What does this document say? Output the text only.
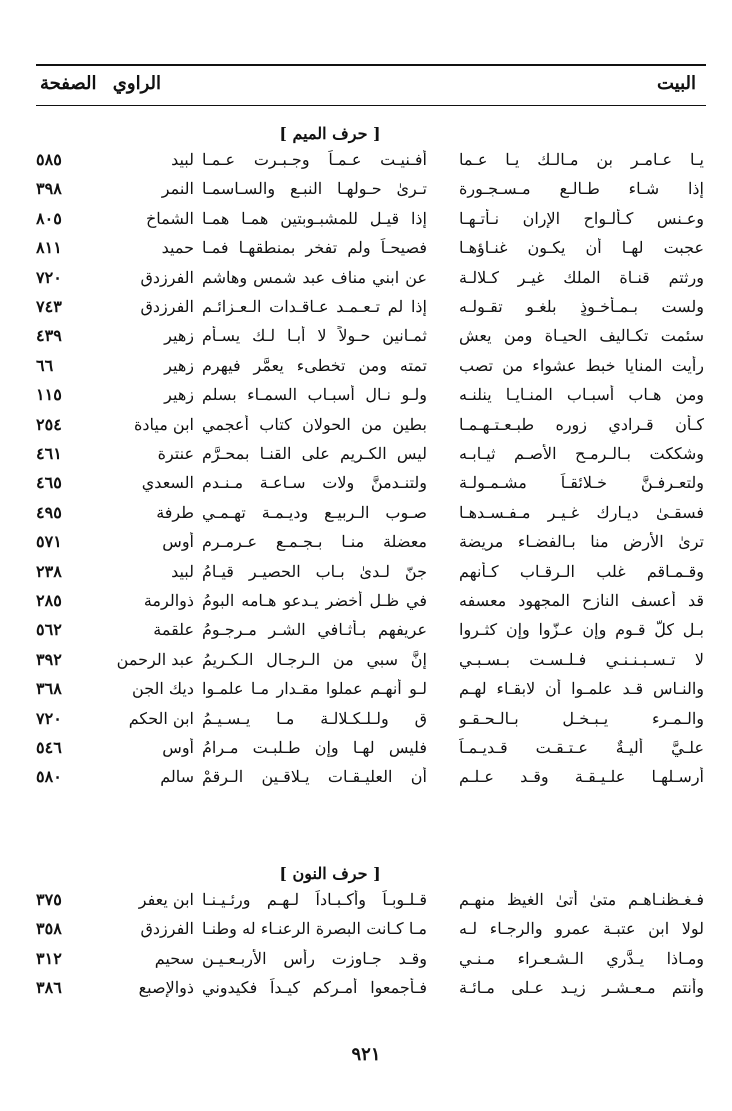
البيت
الراوي
الصفحة
[ حرف الميم ]
يـا عـامـر بن مـالـك يـا عـما
أفـنيـت عـمـاً وجـبـرت عـمـا
لبيد
٥٨٥
إذا شـاء طـالـع مـسـجـورة
تـرىٰ حـولهـا النبـع والسـاسمـا
النمر
٣٩٨
وعـنس كـألـواح الإران نـأتـهـا
إذا قيـل للمشبـوبتين همـا همـا
الشماخ
٨٠٥
عجبت لهـا أن يكـون غنـاؤهـا
فصيحـاً ولم تفخر بمنطقهـا فمـا
حميد
٨١١
ورثتم قنـاة الملك غيـر كـلالـة
عن ابني مناف عبد شمس وهاشم
الفرزدق
٧٢٠
ولست بـمـأخـوذٍ بلغـو تقـولـه
إذا لم تـعـمـد عـاقـدات الـعـزائـم
الفرزدق
٧٤٣
سئمت تكـاليف الحيـاة ومن يعش
ثمـانين حـولاً لا أبـا لـك يسـأم
زهير
٤٣٩
رأيت المنايا خبط عشواء من تصب
تمته ومن تخطىء يعمَّر فيهرم
زهير
٦٦
ومن هـاب أسبـاب المنـايـا ينلنـه
ولـو نـال أسبـاب السمـاء بسلم
زهير
١١٥
كـأن قـرادي زوره طبـعـتـهـمـا
بطين من الحولان كتاب أعجمي
ابن ميادة
٢٥٤
وشككت بـالـرمـح الأصـم ثيـابـه
ليس الكـريم على القنـا بمحـرَّم
عنترة
٤٦١
ولتعـرفـنَّ خـلائقـاً مشـمـولـة
ولتنـدمنَّ ولات سـاعـة مـنـدم
السعدي
٤٦٥
فسقـىٰ ديـارك غـيـر مـفـسـدهـا
صـوب الـربيـع وديـمـة تهـمـي
طرفة
٤٩٥
ترىٰ الأرض منا بـالفضـاء مريضة
معضلة منـا بـجـمـع عـرمـرم
أوس
٥٧١
وقـمـاقم غلب الـرقـاب كـأنهم
جنّ لـدىٰ بـاب الحصيـر قيـامُ
لبيد
٢٣٨
قد أعسف النازح المجهود معسفه
في ظـل أخضر يـدعو هـامه البومُ
ذوالرمة
٢٨٥
بـل كلّ قـوم وإن عـزّوا وإن كثـروا
عريفهم بـأثـافي الشـر مـرجـومُ
علقمة
٥٦٢
لا تـسـبـنـنـي فـلـسـت بـسـبـي
إنَّ سبي من الـرجـال الـكـريمُ
عبد الرحمن
٣٩٢
والنـاس قـد علمـوا أن لابقـاء لهـم
لـو أنهـم عملوا مقـدار مـا علمـوا
ديك الجن
٣٦٨
والـمـرء يـبـخـل بـالـحـقـو
قِ ولـلـكـلالـة مـا يـسـيـمُ
ابن الحكم
٧٢٠
علـيَّ أليـةٌ عـتـقـت قـديـمـاً
فليس لهـا وإن طـلبـت مـرامُ
أوس
٥٤٦
أرسـلهـا علـيـقـة وقـد عـلـم
أن العليـقـات يـلاقـين الـرقمْ
سالم
٥٨٠
[ حرف النون ]
فـغـظنـاهـم متىٰ أتىٰ الغيظ منهـم
قـلـوبـاً وأكـبـاداً لـهـم ورئـيـنـا
ابن يعفر
٣٧٥
لولا ابن عتبـة عمرو والرجـاء لـه
مـا كـانت البصرة الرعنـاء له وطنـا
الفرزدق
٣٥٨
ومـاذا يـدَّري الـشـعـراء مـنـي
وقـد جـاوزت رأس الأربـعـيـنِ
سحيم
٣١٢
وأنتم مـعـشـر زيـد عـلى مـائـة
فـأجمعوا أمـركم كيـداً فكيدوني
ذوالإصبع
٣٨٦
٩٢١
